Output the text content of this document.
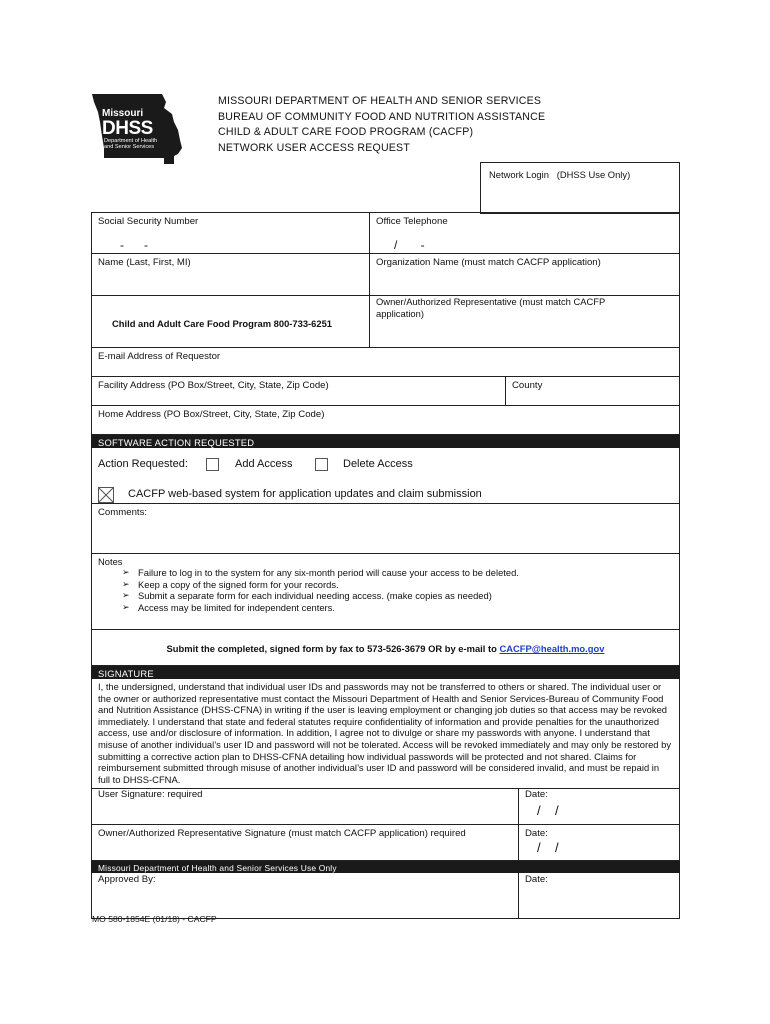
Missouri
DHSS
Department of Health
and Senior Services
MISSOURI DEPARTMENT OF HEALTH AND SENIOR SERVICES
BUREAU OF COMMUNITY FOOD AND NUTRITION ASSISTANCE
CHILD & ADULT CARE FOOD PROGRAM (CACFP)
NETWORK USER ACCESS REQUEST
Network Login   (DHSS Use Only)
Social Security Number
-      -
Office Telephone
/       -
Name (Last, First, MI)	Organization Name (must match CACFP application)
Child and Adult Care Food Program 800-733-6251
Owner/Authorized Representative (must match CACFP application)
E-mail Address of Requestor
Facility Address (PO Box/Street, City, State, Zip Code)	County
Home Address (PO Box/Street, City, State, Zip Code)
SOFTWARE ACTION REQUESTED
Action Requested:	Add Access	Delete Access
CACFP web-based system for application updates and claim submission
Comments:
Notes
➢ Failure to log in to the system for any six-month period will cause your access to be deleted.
➢ Keep a copy of the signed form for your records.
➢ Submit a separate form for each individual needing access. (make copies as needed)
➢ Access may be limited for independent centers.
Submit the completed, signed form by fax to 573-526-3679 OR by e-mail to CACFP@health.mo.gov
SIGNATURE
I, the undersigned, understand that individual user IDs and passwords may not be transferred to others or shared. The individual user or the owner or authorized representative must contact the Missouri Department of Health and Senior Services-Bureau of Community Food and Nutrition Assistance (DHSS-CFNA) in writing if the user is leaving employment or changing job duties so that access may be revoked immediately. I understand that state and federal statutes require confidentiality of information and provide penalties for the unauthorized access, use and/or disclosure of information. In addition, I agree not to divulge or share my passwords with anyone. I understand that misuse of another individual’s user ID and password will not be tolerated. Access will be revoked immediately and may only be restored by submitting a corrective action plan to DHSS-CFNA detailing how individual passwords will be protected and not shared. Claims for reimbursement submitted through misuse of another individual’s user ID and password will be considered invalid, and must be repaid in full to DHSS-CFNA.
User Signature: required	Date:
/    /
Owner/Authorized Representative Signature (must match CACFP application) required	Date:
/    /
Missouri Department of Health and Senior Services Use Only
Approved By:	Date:
MO 580-1854E (01/18) - CACFP
